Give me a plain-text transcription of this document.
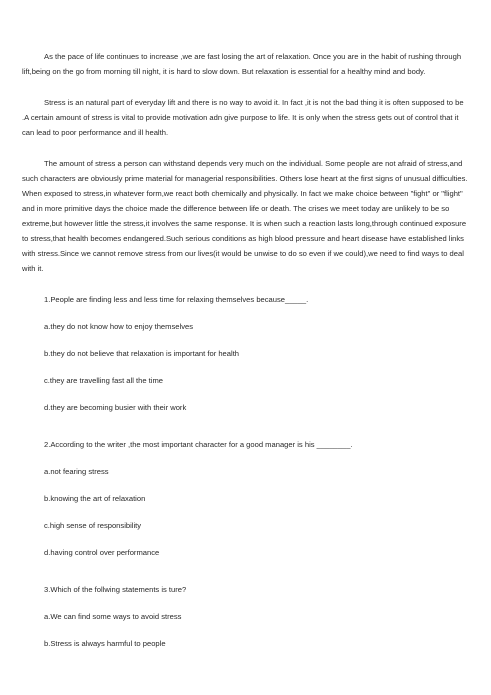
As the pace of life continues to increase ,we are fast losing the art of relaxation. Once you are in the habit of rushing through lift,being on the go from morning till night, it is hard to slow down. But relaxation is essential for a healthy mind and body.

Stress is an natural part of everyday lift and there is no way to avoid it. In fact ,it is not the bad thing it is often supposed to be .A certain amount of stress is vital to provide motivation adn give purpose to life. It is only when the stress gets out of control that it can lead to poor performance and ill health.

The amount of stress a person can withstand depends very much on the individual. Some people are not afraid of stress,and such characters are obviously prime material for managerial responsibilities. Others lose heart at the first signs of unusual difficulties. When exposed to stress,in whatever form,we react both chemically and physically. In fact we make choice between "fight" or "flight" and in more primitive days the choice made the difference between life or death. The crises we meet today are unlikely to be so extreme,but however little the stress,it involves the same response. It is when such a reaction lasts long,through continued exposure to stress,that health becomes endangered.Such serious conditions as high blood pressure and heart disease have established links with stress.Since we cannot remove stress from our lives(it would be unwise to do so even if we could),we need to find ways to deal with it.

1.People are finding less and less time for relaxing themselves because_____.
a.they do not know how to enjoy themselves
b.they do not believe that relaxation is important for health
c.they are travelling fast all the time
d.they are becoming busier with their work
2.According to the writer ,the most important character for a good manager is his ________.
a.not fearing stress
b.knowing the art of relaxation
c.high sense of responsibility
d.having control over performance
3.Which of the follwing statements is ture?
a.We can find some ways to avoid stress
b.Stress is always harmful to people
